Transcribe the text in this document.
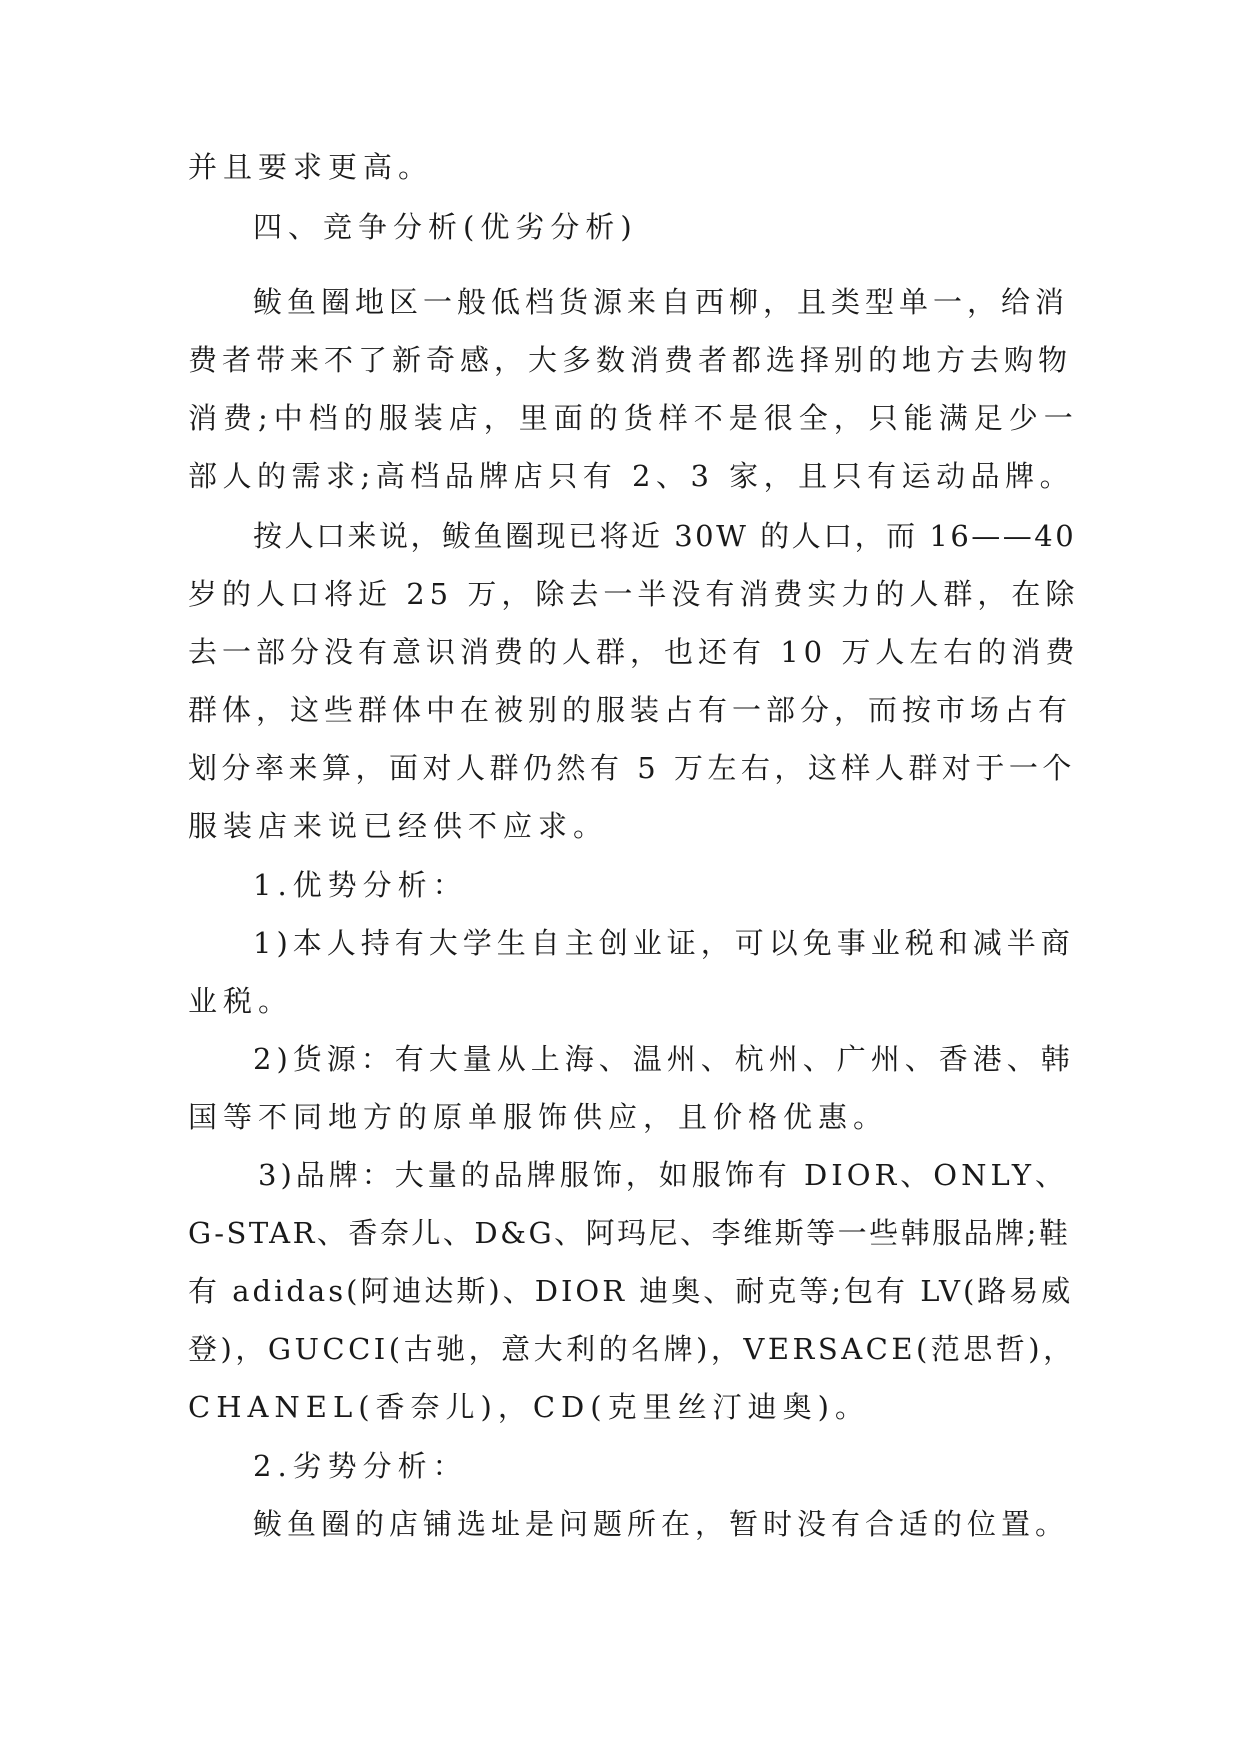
并且要求更高。
四、竞争分析(优劣分析)
鲅鱼圈地区一般低档货源来自西柳，且类型单一，给消
费者带来不了新奇感，大多数消费者都选择别的地方去购物
消费;中档的服装店，里面的货样不是很全，只能满足少一
部人的需求;高档品牌店只有 2、3 家，且只有运动品牌。
按人口来说，鲅鱼圈现已将近 30W 的人口，而 16——40
岁的人口将近 25 万，除去一半没有消费实力的人群，在除
去一部分没有意识消费的人群，也还有 10 万人左右的消费
群体，这些群体中在被别的服装占有一部分，而按市场占有
划分率来算，面对人群仍然有 5 万左右，这样人群对于一个
服装店来说已经供不应求。
1.优势分析：
1)本人持有大学生自主创业证，可以免事业税和减半商
业税。
2)货源：有大量从上海、温州、杭州、广州、香港、韩
国等不同地方的原单服饰供应，且价格优惠。
3)品牌：大量的品牌服饰，如服饰有 DIOR、ONLY、
G-STAR、香奈儿、D&G、阿玛尼、李维斯等一些韩服品牌;鞋
有 adidas(阿迪达斯)、DIOR 迪奥、耐克等;包有 LV(路易威
登)，GUCCI(古驰，意大利的名牌)，VERSACE(范思哲)，
CHANEL(香奈儿)，CD(克里丝汀迪奥)。
2.劣势分析：
鲅鱼圈的店铺选址是问题所在，暂时没有合适的位置。
